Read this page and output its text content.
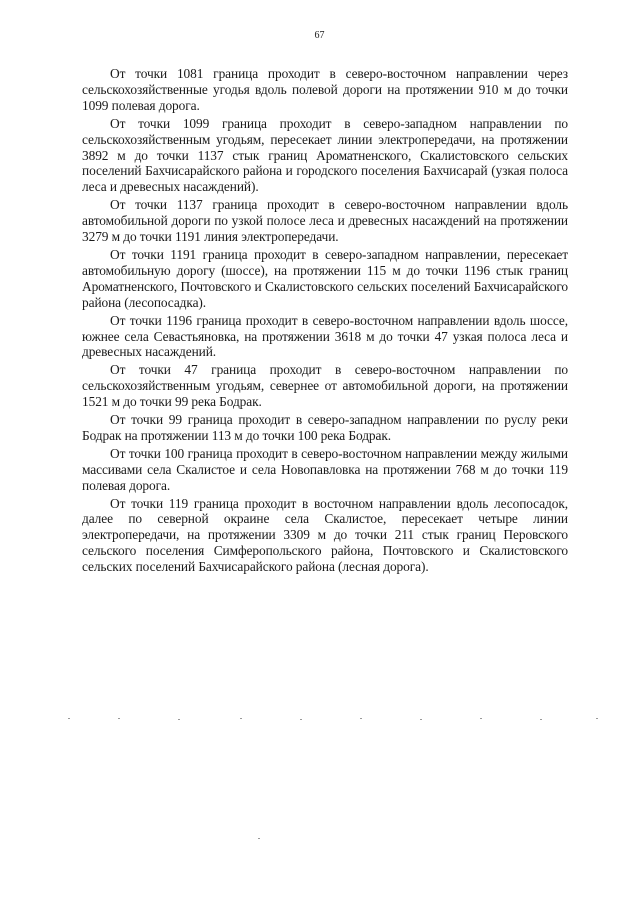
67

От точки 1081 граница проходит в северо-восточном направлении через сельскохозяйственные угодья вдоль полевой дороги на протяжении 910 м до точки 1099 полевая дорога.

От точки 1099 граница проходит в северо-западном направлении по сельскохозяйственным угодьям, пересекает линии электропередачи, на протяжении 3892 м до точки 1137 стык границ Ароматненского, Скалистовского сельских поселений Бахчисарайского района и городского поселения Бахчисарай (узкая полоса леса и древесных насаждений).

От точки 1137 граница проходит в северо-восточном направлении вдоль автомобильной дороги по узкой полосе леса и древесных насаждений на протяжении 3279 м до точки 1191 линия электропередачи.

От точки 1191 граница проходит в северо-западном направлении, пересекает автомобильную дорогу (шоссе), на протяжении 115 м до точки 1196 стык границ Ароматненского, Почтовского и Скалистовского сельских поселений Бахчисарайского района (лесопосадка).

От точки 1196 граница проходит в северо-восточном направлении вдоль шоссе, южнее села Севастьяновка, на протяжении 3618 м до точки 47 узкая полоса леса и древесных насаждений.

От точки 47 граница проходит в северо-восточном направлении по сельскохозяйственным угодьям, севернее от автомобильной дороги, на протяжении 1521 м до точки 99 река Бодрак.

От точки 99 граница проходит в северо-западном направлении по руслу реки Бодрак на протяжении 113 м до точки 100 река Бодрак.

От точки 100 граница проходит в северо-восточном направлении между жилыми массивами села Скалистое и села Новопавловка на протяжении 768 м до точки 119 полевая дорога.

От точки 119 граница проходит в восточном направлении вдоль лесопосадок, далее по северной окраине села Скалистое, пересекает четыре линии электропередачи, на протяжении 3309 м до точки 211 стык границ Перовского сельского поселения Симферопольского района, Почтовского и Скалистовского сельских поселений Бахчисарайского района (лесная дорога).
